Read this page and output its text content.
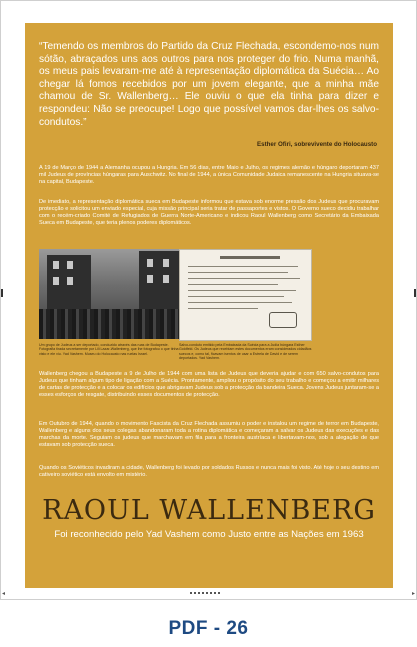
“Temendo os membros do Partido da Cruz Flechada, escondemo-nos num sótão, abraçados uns aos outros para nos proteger do frio. Numa manhã, os meus pais levaram-me até à representação diplomática da Suécia… Ao chegar lá fomos recebidos por um jovem elegante, que a minha mãe chamou de Sr. Wallenberg… Ele ouviu o que ela tinha para dizer e respondeu: Não se preocupe! Logo que possível vamos dar-lhes os salvo-condutos.”
Esther Ofiri, sobrevivente do Holocausto
A 19 de Março de 1944 a Alemanha ocupou a Hungria. Em 56 dias, entre Maio e Julho, os regimes alemão e húngaro deportaram 437 mil Judeus de províncias húngaras para Auschwitz. No final de 1944, a única Comunidade Judaica remanescente na Hungria situava-se na capital, Budapeste.
De imediato, a representação diplomática sueca em Budapeste informou que estava sob enorme pressão dos Judeus que procuravam protecção e solicitou um enviado especial, cuja missão principal seria tratar de passaportes e vistos. O Governo sueco decidiu trabalhar com o recém-criado Comité de Refugiados de Guerra Norte-Americano e indicou Raoul Wallenberg como Secretário da Embaixada Sueca em Budapeste, que teria plenos poderes diplomáticos.
Um grupo de Judeus a ser deportado, conduzido através das ruas de Budapeste. Fotografia tirada secretamente por Lili Lazar-Wallenberg, que lhe fotografou o que tinha visto e ele viu. Yad Vashem. Museu do Holocausto nas ruelas Israel.
Salvo-conduto emitido pela Embaixada da Suécia para a Judia húngara Esther Goldfeld. Os Judeus que recebiam estes documentos eram considerados cidadãos suecos e, como tal, ficavam isentos de usar a Estrela de David e de serem deportados. Yad Vashem.
Wallenberg chegou a Budapeste a 9 de Julho de 1944 com uma lista de Judeus que deveria ajudar e com 650 salvo-condutos para Judeus que tinham algum tipo de ligação com a Suécia. Prontamente, ampliou o propósito do seu trabalho e começou a emitir milhares de cartas de protecção e a colocar os edifícios que abrigavam Judeus sob a protecção da bandeira Sueca. Jovens Judeus juntaram-se a esses esforços de resgate, distribuindo esses documentos de protecção.
Em Outubro de 1944, quando o movimento Fascista da Cruz Flechada assumiu o poder e instalou um regime de terror em Budapeste, Wallenberg e alguns dos seus colegas abandonaram toda a rotina diplomática e começaram a salvar os Judeus das execuções e das marchas da morte. Seguiam os judeus que marchavam em fila para a fronteira austríaca e libertavam-nos, sob a alegação de que estavam sob protecção sueca.
Quando os Soviéticos invadiram a cidade, Wallenberg foi levado por soldados Russos e nunca mais foi visto. Até hoje o seu destino em cativeiro soviético está envolto em mistério.
RAOUL WALLENBERG
Foi reconhecido pelo Yad Vashem como Justo entre as Nações em 1963
◂	▸
PDF - 26
